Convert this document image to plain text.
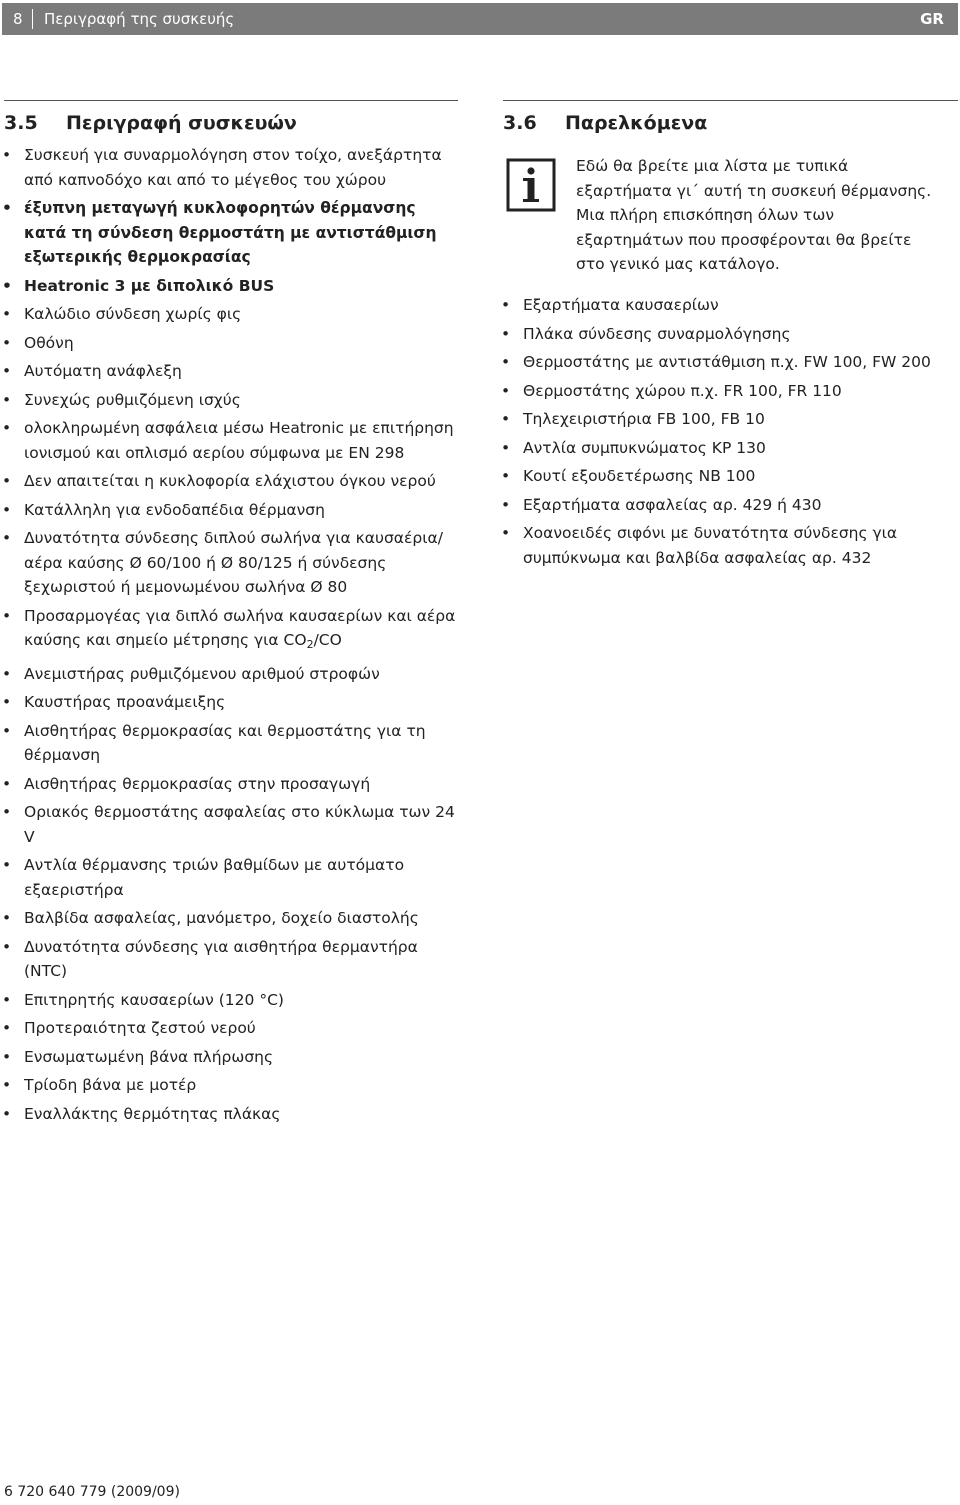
8 Περιγραφή της συσκευής	GR
3.5 Περιγραφή συσκευών
• Συσκευή για συναρμολόγηση στον τοίχο, ανεξάρτητα από καπνοδόχο και από το μέγεθος του χώρου
• έξυπνη μεταγωγή κυκλοφορητών θέρμανσης κατά τη σύνδεση θερμοστάτη με αντιστάθμιση εξωτερικής θερμοκρασίας
• Heatronic 3 με διπολικό BUS
• Καλώδιο σύνδεση χωρίς φις
• Οθόνη
• Αυτόματη ανάφλεξη
• Συνεχώς ρυθμιζόμενη ισχύς
• ολοκληρωμένη ασφάλεια μέσω Heatronic με επιτήρηση ιονισμού και οπλισμό αερίου σύμφωνα με EN 298
• Δεν απαιτείται η κυκλοφορία ελάχιστου όγκου νερού
• Κατάλληλη για ενδοδαπέδια θέρμανση
• Δυνατότητα σύνδεσης διπλού σωλήνα για καυσαέρια/ αέρα καύσης Ø 60/100 ή Ø 80/125 ή σύνδεσης ξεχωριστού ή μεμονωμένου σωλήνα Ø 80
• Προσαρμογέας για διπλό σωλήνα καυσαερίων και αέρα καύσης και σημείο μέτρησης για $CO_2/CO$
• Ανεμιστήρας ρυθμιζόμενου αριθμού στροφών
• Καυστήρας προανάμειξης
• Αισθητήρας θερμοκρασίας και θερμοστάτης για τη θέρμανση
• Αισθητήρας θερμοκρασίας στην προσαγωγή
• Οριακός θερμοστάτης ασφαλείας στο κύκλωμα των 24 V
• Αντλία θέρμανσης τριών βαθμίδων με αυτόματο εξαεριστήρα
• Βαλβίδα ασφαλείας, μανόμετρο, δοχείο διαστολής
• Δυνατότητα σύνδεσης για αισθητήρα θερμαντήρα (NTC)
• Επιτηρητής καυσαερίων (120 °C)
• Προτεραιότητα ζεστού νερού
• Ενσωματωμένη βάνα πλήρωσης
• Τρίοδη βάνα με μοτέρ
• Εναλλάκτης θερμότητας πλάκας
3.6 Παρελκόμενα
Εδώ θα βρείτε μια λίστα με τυπικά εξαρτήματα γι΄ αυτή τη συσκευή θέρμανσης. Μια πλήρη επισκόπηση όλων των εξαρτημάτων που προσφέρονται θα βρείτε στο γενικό μας κατάλογο.
• Εξαρτήματα καυσαερίων
• Πλάκα σύνδεσης συναρμολόγησης
• Θερμοστάτης με αντιστάθμιση π.χ. FW 100, FW 200
• Θερμοστάτης χώρου π.χ. FR 100, FR 110
• Τηλεχειριστήρια FB 100, FB 10
• Αντλία συμπυκνώματος KP 130
• Κουτί εξουδετέρωσης NB 100
• Εξαρτήματα ασφαλείας αρ. 429 ή 430
• Χοανοειδές σιφόνι με δυνατότητα σύνδεσης για συμπύκνωμα και βαλβίδα ασφαλείας αρ. 432
6 720 640 779 (2009/09)
